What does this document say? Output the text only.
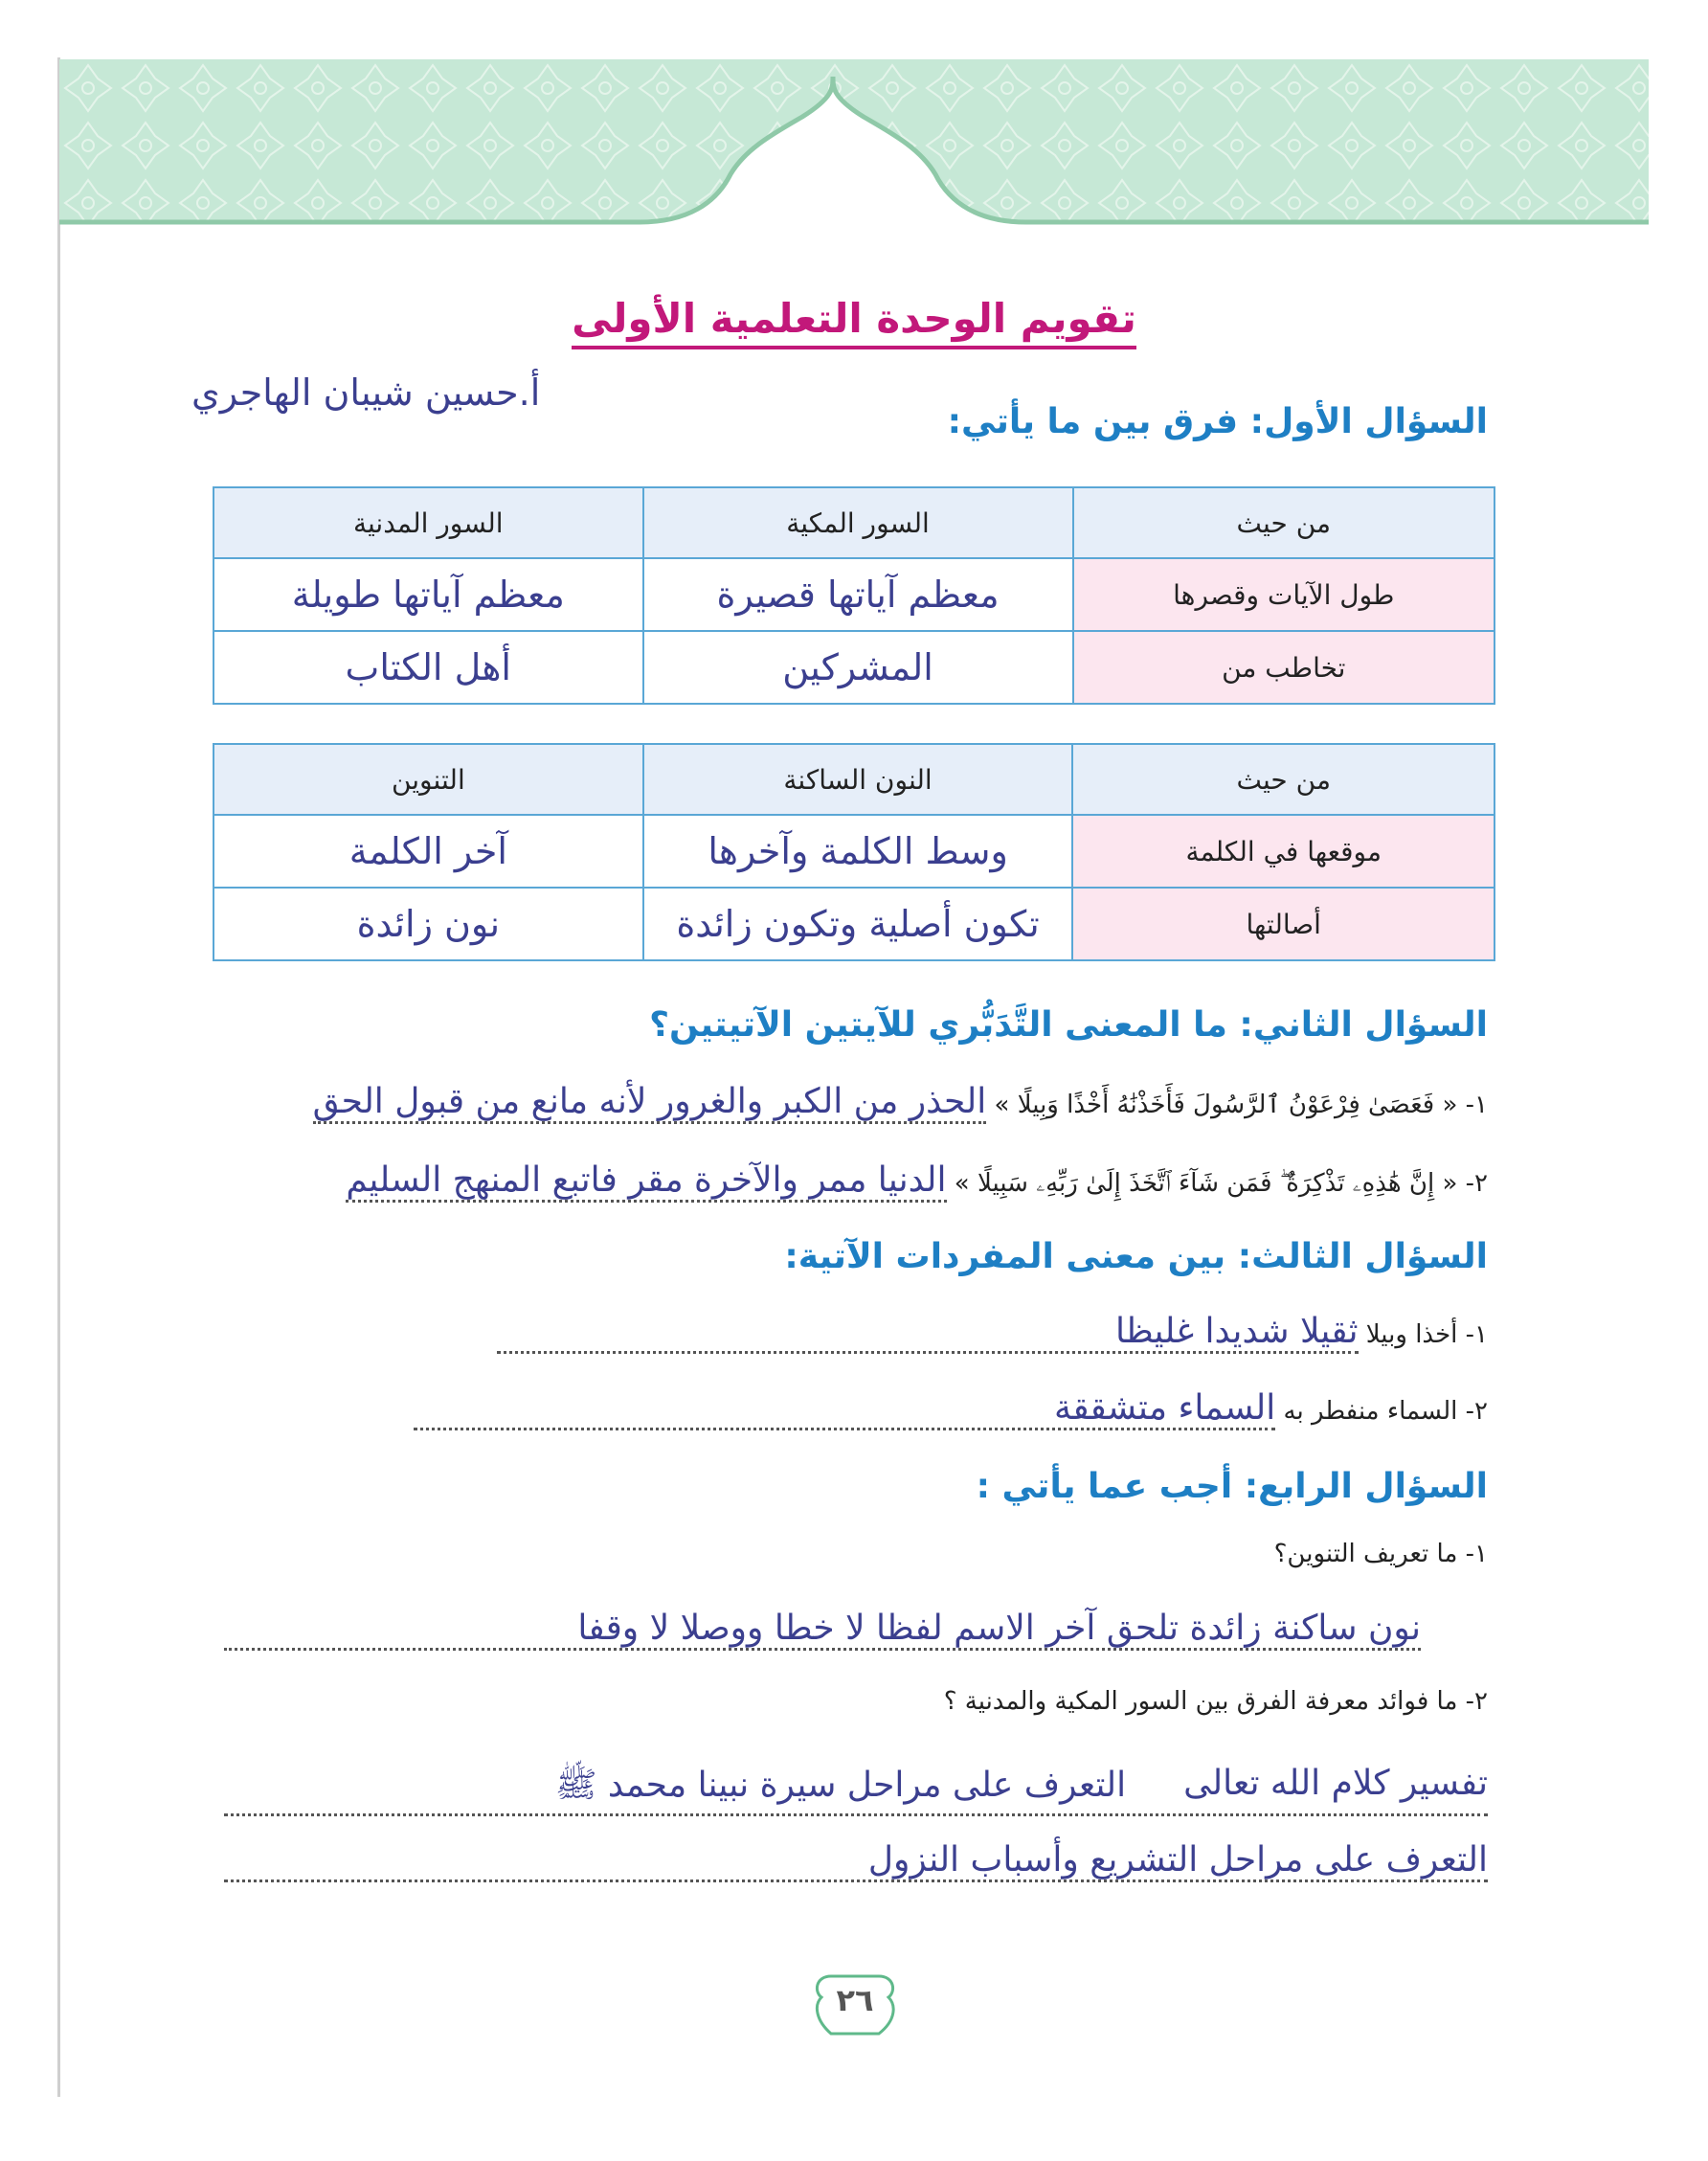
تقويم الوحدة التعلمية الأولى
أ.حسين شيبان الهاجري
السؤال الأول: فرق بين ما يأتي:
من حيث	السور المكية	السور المدنية
طول الآيات وقصرها	معظم آياتها قصيرة	معظم آياتها طويلة
تخاطب من	المشركين	أهل الكتاب
من حيث	النون الساكنة	التنوين
موقعها في الكلمة	وسط الكلمة وآخرها	آخر الكلمة
أصالتها	تكون أصلية وتكون زائدة	نون زائدة
السؤال الثاني: ما المعنى التَّدَبُّري للآيتين الآتيتين؟
١- « فَعَصَىٰ فِرْعَوْنُ ٱلرَّسُولَ فَأَخَذْنَٰهُ أَخْذًا وَبِيلًا » الحذر من الكبر والغرور لأنه مانع من قبول الحق
٢- « إِنَّ هَٰذِهِۦ تَذْكِرَةٌ ۖ فَمَن شَآءَ ٱتَّخَذَ إِلَىٰ رَبِّهِۦ سَبِيلًا » الدنيا ممر والآخرة مقر فاتبع المنهج السليم
السؤال الثالث: بين معنى المفردات الآتية:
١- أخذا وبيلا ثقيلا شديدا غليظا
٢- السماء منفطر به السماء متشققة
السؤال الرابع: أجب عما يأتي :
١- ما تعريف التنوين؟
نون ساكنة زائدة تلحق آخر الاسم لفظا لا خطا ووصلا لا وقفا
٢- ما فوائد معرفة الفرق بين السور المكية والمدنية ؟
تفسير كلام الله تعالى
التعرف على مراحل سيرة نبينا محمد ﷺ
التعرف على مراحل التشريع وأسباب النزول
٢٦
